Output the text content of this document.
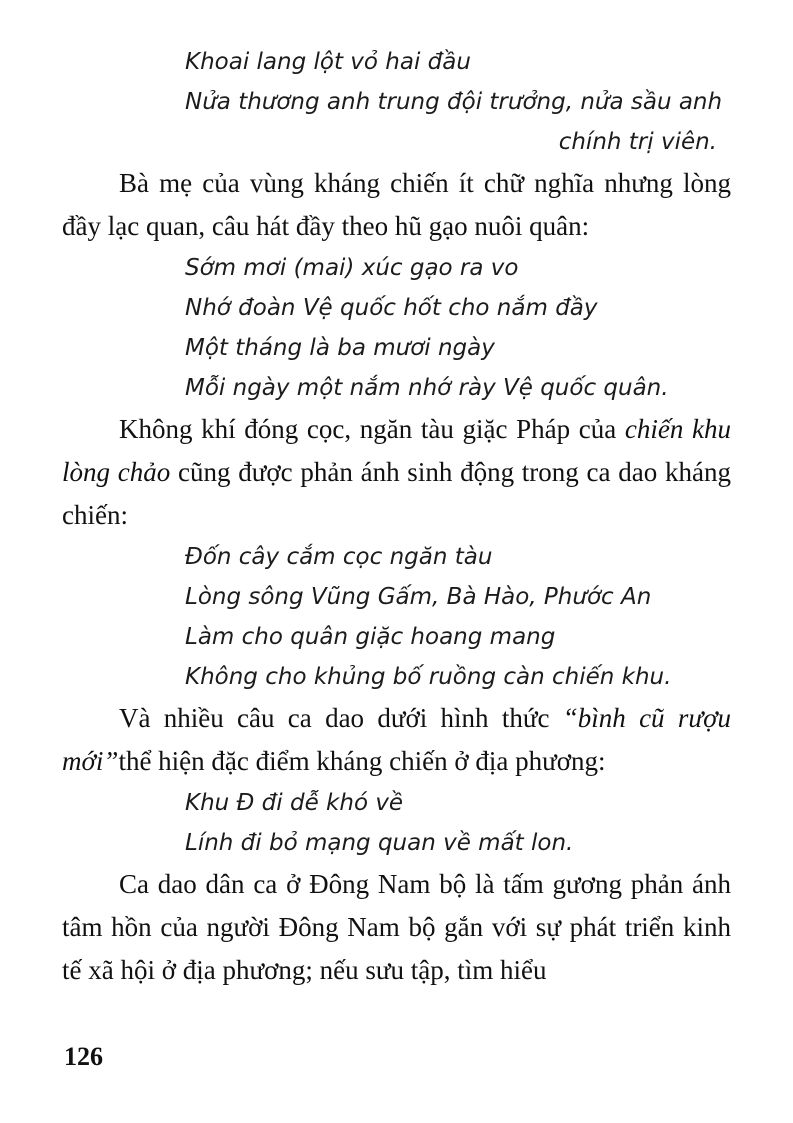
Khoai lang lột vỏ hai đầu
Nửa thương anh trung đội trưởng, nửa sầu anh
chính trị viên.

Bà mẹ của vùng kháng chiến ít chữ nghĩa nhưng lòng đầy lạc quan, câu hát đầy theo hũ gạo nuôi quân:

Sớm mơi (mai) xúc gạo ra vo
Nhớ đoàn Vệ quốc hốt cho nắm đầy
Một tháng là ba mươi ngày
Mỗi ngày một nắm nhớ rày Vệ quốc quân.

Không khí đóng cọc, ngăn tàu giặc Pháp của chiến khu lòng chảo cũng được phản ánh sinh động trong ca dao kháng chiến:

Đốn cây cắm cọc ngăn tàu
Lòng sông Vũng Gấm, Bà Hào, Phước An
Làm cho quân giặc hoang mang
Không cho khủng bố ruồng càn chiến khu.

Và nhiều câu ca dao dưới hình thức “bình cũ rượu mới”thể hiện đặc điểm kháng chiến ở địa phương:

Khu Đ đi dễ khó về
Lính đi bỏ mạng quan về mất lon.

Ca dao dân ca ở Đông Nam bộ là tấm gương phản ánh tâm hồn của người Đông Nam bộ gắn với sự phát triển kinh tế xã hội ở địa phương; nếu sưu tập, tìm hiểu

126
